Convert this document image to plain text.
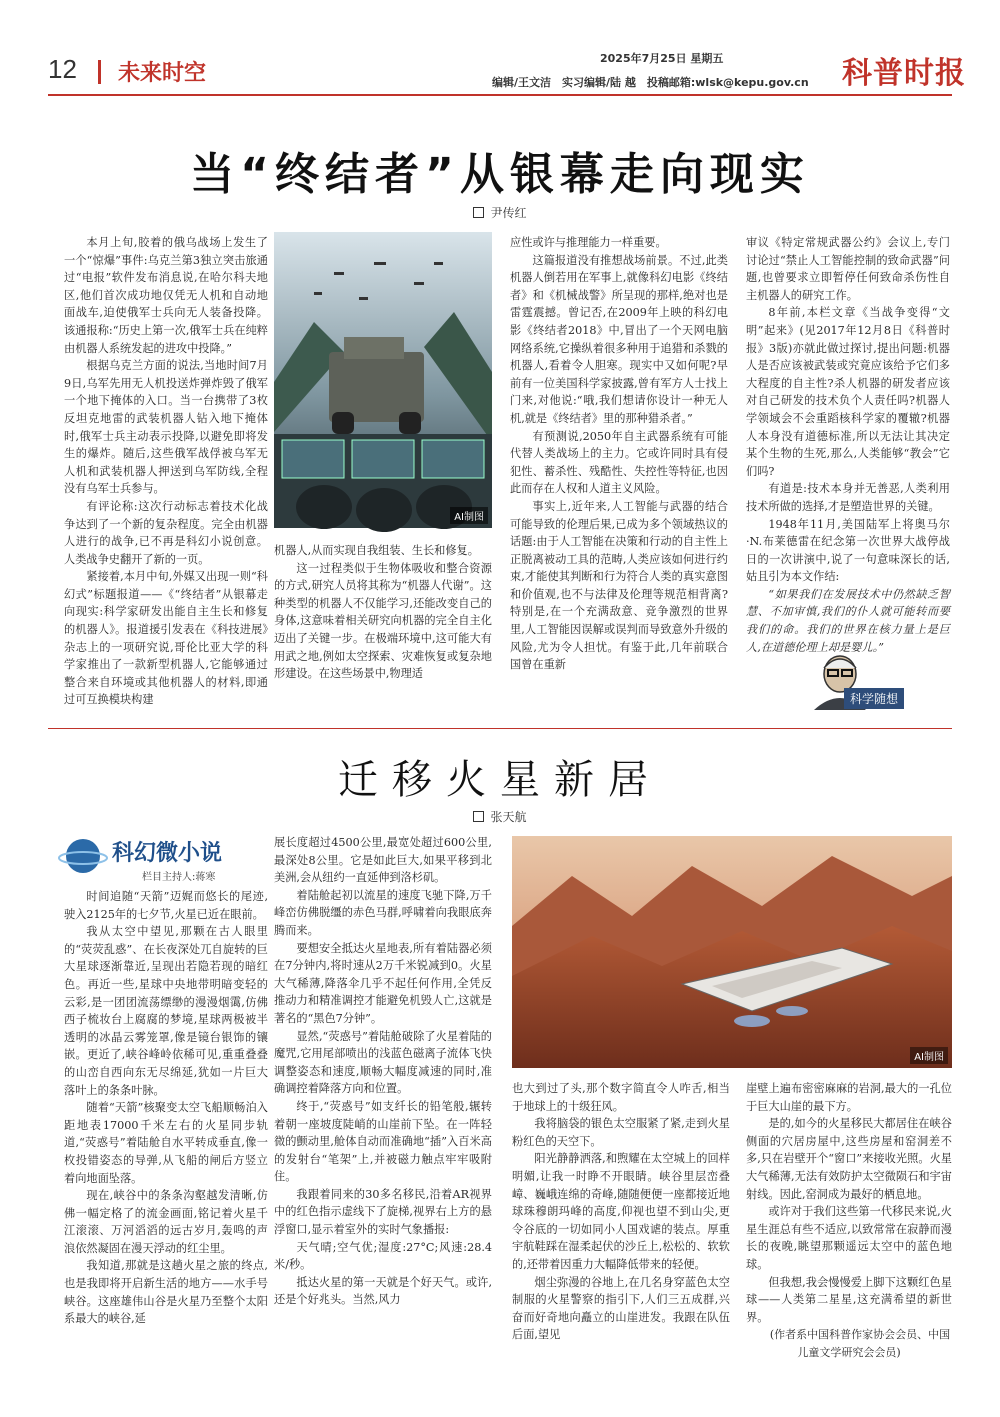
12 未来时空
2025年7月25日 星期五
编辑/王文洁　实习编辑/陆 越　投稿邮箱:wlsk@kepu.gov.cn 科普时报
当“终结者”从银幕走向现实
尹传红

本月上旬,胶着的俄乌战场上发生了一个“惊爆”事件:乌克兰第3独立突击旅通过“电报”软件发布消息说,在哈尔科夫地区,他们首次成功地仅凭无人机和自动地面战车,迫使俄军士兵向无人装备投降。该通报称:“历史上第一次,俄军士兵在纯粹由机器人系统发起的进攻中投降。”

根据乌克兰方面的说法,当地时间7月9日,乌军先用无人机投送炸弹炸毁了俄军一个地下掩体的入口。当一台携带了3枚反坦克地雷的武装机器人钻入地下掩体时,俄军士兵主动表示投降,以避免即将发生的爆炸。随后,这些俄军战俘被乌军无人机和武装机器人押送到乌军防线,全程没有乌军士兵参与。

有评论称:这次行动标志着技术化战争达到了一个新的复杂程度。完全由机器人进行的战争,已不再是科幻小说创意。人类战争史翻开了新的一页。

紧接着,本月中旬,外媒又出现一则“科幻式”标题报道——《“终结者”从银幕走向现实:科学家研发出能自主生长和修复的机器人》。报道援引发表在《科技进展》杂志上的一项研究说,哥伦比亚大学的科学家推出了一款新型机器人,它能够通过整合来自环境或其他机器人的材料,即通过可互换模块构建

AI制图

机器人,从而实现自我组装、生长和修复。

这一过程类似于生物体吸收和整合资源的方式,研究人员将其称为“机器人代谢”。这种类型的机器人不仅能学习,还能改变自己的身体,这意味着相关研究向机器的完全自主化迈出了关键一步。在极端环境中,这可能大有用武之地,例如太空探索、灾难恢复或复杂地形建设。在这些场景中,物理适

应性或许与推理能力一样重要。

这篇报道没有推想战场前景。不过,此类机器人倒若用在军事上,就像科幻电影《终结者》和《机械战警》所呈现的那样,绝对也是雷霆震撼。曾记否,在2009年上映的科幻电影《终结者2018》中,冒出了一个天网电脑网络系统,它操纵着很多种用于追猎和杀戮的机器人,看着令人胆寒。现实中又如何呢?早前有一位美国科学家披露,曾有军方人士找上门来,对他说:“哦,我们想请你设计一种无人机,就是《终结者》里的那种猎杀者。”

有预测说,2050年自主武器系统有可能代替人类战场上的主力。它或许同时具有侵犯性、蓄杀性、残酷性、失控性等特征,也因此而存在人权和人道主义风险。

事实上,近年来,人工智能与武器的结合可能导致的伦理后果,已成为多个领域热议的话题:由于人工智能在决策和行动的自主性上正脱离被动工具的范畴,人类应该如何进行约束,才能使其判断和行为符合人类的真实意图和价值观,也不与法律及伦理等规范相背离?特别是,在一个充满敌意、竞争激烈的世界里,人工智能因误解或误判而导致意外升级的风险,尤为令人担忧。有鉴于此,几年前联合国曾在重新

审议《特定常规武器公约》会议上,专门讨论过“禁止人工智能控制的致命武器”问题,也曾要求立即暂停任何致命杀伤性自主机器人的研究工作。

8年前,本栏文章《当战争变得“文明”起来》(见2017年12月8日《科普时报》3版)亦就此做过探讨,提出问题:机器人是否应该被武装或究竟应该给予它们多大程度的自主性?杀人机器的研发者应该对自己研发的技术负个人责任吗?机器人学领域会不会重蹈核科学家的覆辙?机器人本身没有道德标准,所以无法让其决定某个生物的生死,那么,人类能够“教会”它们吗?

有道是:技术本身并无善恶,人类利用技术所做的选择,才是塑造世界的关键。

1948年11月,美国陆军上将奥马尔·N.布莱德雷在纪念第一次世界大战停战日的一次讲演中,说了一句意味深长的话,姑且引为本文作结:

“如果我们在发展技术中仍然缺乏智慧、不加审慎,我们的仆人就可能转而要我们的命。我们的世界在核力量上是巨人,在道德伦理上却是婴儿。”

科学随想
迁移火星新居
张天航
科幻微小说
栏目主持人:蒋寒

时间追随“天箭”迈娓而悠长的尾迹,驶入2125年的七夕节,火星已近在眼前。

我从太空中望见,那颗在古人眼里的“荧荧乱惑”、在长夜深处兀自旋转的巨大星球逐渐靠近,呈现出若隐若现的暗红色。再近一些,星球中央地带明暗变轻的云彩,是一团团流荡缥缈的漫漫烟霭,仿佛西子梳妆台上腐腐的梦境,星球两极被半透明的冰晶云雾笼罩,像是镜台银饰的镶嵌。更近了,峡谷峰岭依稀可见,重重叠叠的山峦自西向东无尽绵延,犹如一片巨大落叶上的条条叶脉。

随着“天箭”核聚变太空飞船顺畅泊入距地表17000千米左右的火星同步轨道,“荧惑号”着陆舱自水平转成垂直,像一枚投错姿态的导弹,从飞船的闸后方竖立着向地面坠落。

现在,峡谷中的条条沟壑越发清晰,仿佛一幅定格了的流金画面,铭记着火星千江滚滚、万河滔滔的远古岁月,轰鸣的声浪依然凝固在漫天浮动的红尘里。

我知道,那就是这趟火星之旅的终点,也是我即将开启新生活的地方——水手号峡谷。这座雄伟山谷是火星乃至整个太阳系最大的峡谷,延

展长度超过4500公里,最宽处超过600公里,最深处8公里。它是如此巨大,如果平移到北美洲,会从纽约一直延伸到洛杉矶。

着陆舱起初以流星的速度飞驰下降,万千峰峦仿佛脱缰的赤色马群,呼啸着向我眼底奔腾而来。

要想安全抵达火星地表,所有着陆器必须在7分钟内,将时速从2万千米锐减到0。火星大气稀薄,降落伞几乎不起任何作用,全凭反推动力和精准调控才能避免机毁人亡,这就是著名的“黑色7分钟”。

显然,“荧惑号”着陆舱破除了火星着陆的魔咒,它用尾部喷出的浅蓝色磁离子流体飞快调整姿态和速度,顺畅大幅度减速的同时,准确调控着降落方向和位置。

终于,“荧惑号”如支纤长的铅笔般,辗转着朝一座坡度陡峭的山崖前下坠。在一阵轻微的颤动里,舱体自动而准确地“插”入百米高的发射台“笔架”上,并被磁力触点牢牢吸附住。

我跟着同来的30多名移民,沿着AR视界中的红色指示虚线下了旋梯,视界右上方的悬浮窗口,显示着室外的实时气象播报:

天气晴;空气优;湿度:27°C;风速:28.4米/秒。

抵达火星的第一天就是个好天气。或许,还是个好兆头。当然,风力

AI制图

也大到过了头,那个数字简直令人咋舌,相当于地球上的十级狂风。

我将脑袋的银色太空服紧了紧,走到火星粉红色的天空下。

阳光静静洒落,和煦耀在太空城上的回样明媚,让我一时睁不开眼睛。峡谷里层峦叠嶂、巍峨连绵的奇峰,随随便便一座都接近地球珠穆朗玛峰的高度,仰视也望不到山尖,更令谷底的一切如同小人国戏谑的装点。厚重宇航鞋踩在湿柔起伏的沙丘上,松松的、软软的,还带着因重力大幅降低带来的轻便。

烟尘弥漫的谷地上,在几名身穿蓝色太空制服的火星警察的指引下,人们三五成群,兴奋而好奇地向矗立的山崖进发。我跟在队伍后面,望见

崖壁上遍布密密麻麻的岩洞,最大的一孔位于巨大山崖的最下方。

是的,如今的火星移民大都居住在峡谷侧面的穴居房屋中,这些房屋和窑洞差不多,只在岩壁开个“窗口”来接收光照。火星大气稀薄,无法有效防护太空微陨石和宇宙射线。因此,窑洞成为最好的栖息地。

或许对于我们这些第一代移民来说,火星生涯总有些不适应,以致常常在寂静而漫长的夜晚,眺望那颗遥远太空中的蓝色地球。

但我想,我会慢慢爱上脚下这颗红色星球——人类第二星星,这充满希望的新世界。

(作者系中国科普作家协会会员、中国儿童文学研究会会员)
